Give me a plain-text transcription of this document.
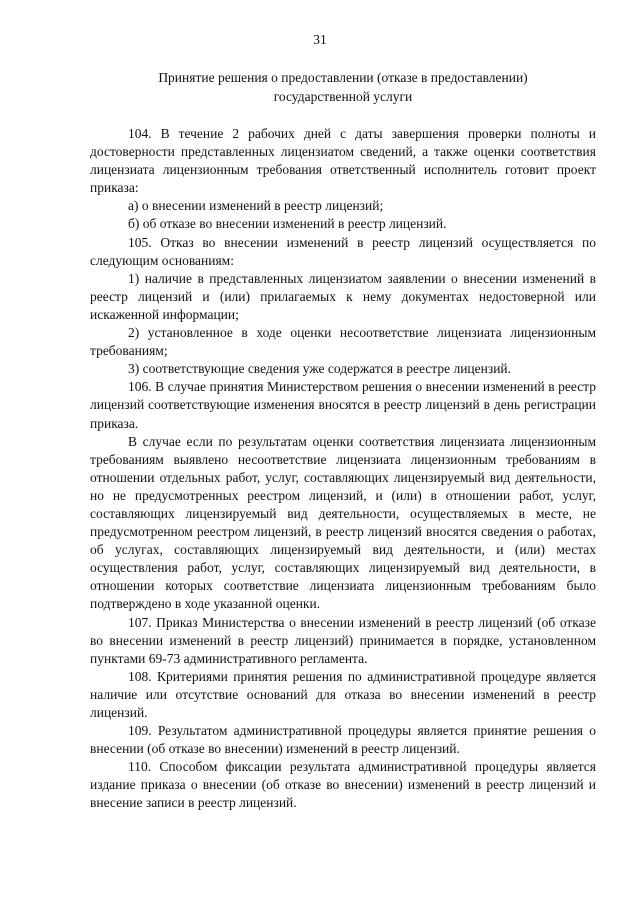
31
Принятие решения о предоставлении (отказе в предоставлении)
государственной услуги

104. В течение 2 рабочих дней с даты завершения проверки полноты и достоверности представленных лицензиатом сведений, а также оценки соответствия лицензиата лицензионным требования ответственный исполнитель готовит проект приказа:

а) о внесении изменений в реестр лицензий;

б) об отказе во внесении изменений в реестр лицензий.

105. Отказ во внесении изменений в реестр лицензий осуществляется по следующим основаниям:

1) наличие в представленных лицензиатом заявлении о внесении изменений в реестр лицензий и (или) прилагаемых к нему документах недостоверной или искаженной информации;

2) установленное в ходе оценки несоответствие лицензиата лицензионным требованиям;

3) соответствующие сведения уже содержатся в реестре лицензий.

106. В случае принятия Министерством решения о внесении изменений в реестр лицензий соответствующие изменения вносятся в реестр лицензий в день регистрации приказа.

В случае если по результатам оценки соответствия лицензиата лицензионным требованиям выявлено несоответствие лицензиата лицензионным требованиям в отношении отдельных работ, услуг, составляющих лицензируемый вид деятельности, но не предусмотренных реестром лицензий, и (или) в отношении работ, услуг, составляющих лицензируемый вид деятельности, осуществляемых в месте, не предусмотренном реестром лицензий, в реестр лицензий вносятся сведения о работах, об услугах, составляющих лицензируемый вид деятельности, и (или) местах осуществления работ, услуг, составляющих лицензируемый вид деятельности, в отношении которых соответствие лицензиата лицензионным требованиям было подтверждено в ходе указанной оценки.

107. Приказ Министерства о внесении изменений в реестр лицензий (об отказе во внесении изменений в реестр лицензий) принимается в порядке, установленном пунктами 69-73 административного регламента.

108. Критериями принятия решения по административной процедуре является наличие или отсутствие оснований для отказа во внесении изменений в реестр лицензий.

109. Результатом административной процедуры является принятие решения о внесении (об отказе во внесении) изменений в реестр лицензий.

110. Способом фиксации результата административной процедуры является издание приказа о внесении (об отказе во внесении) изменений в реестр лицензий и внесение записи в реестр лицензий.
